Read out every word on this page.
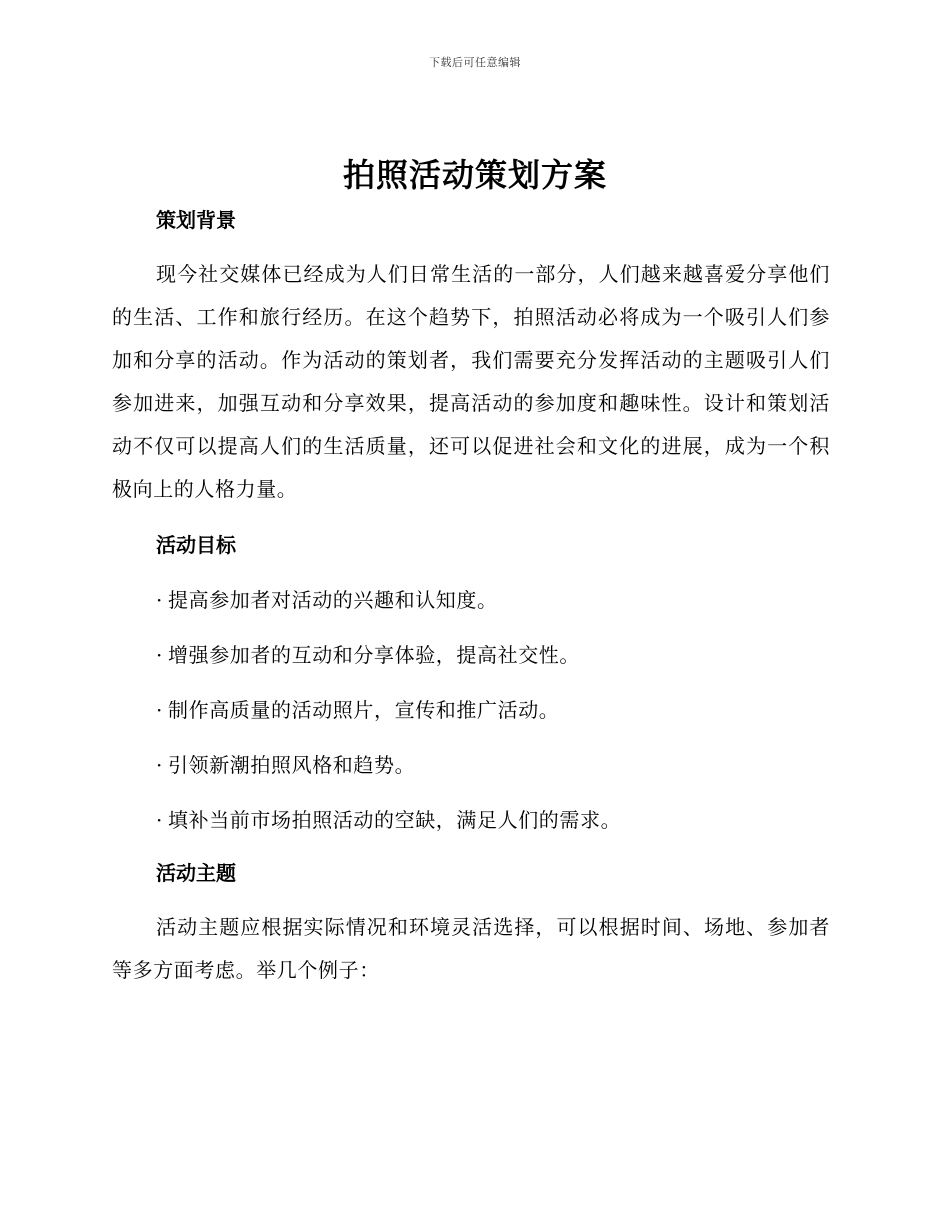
下载后可任意编辑
拍照活动策划方案
策划背景

现今社交媒体已经成为人们日常生活的一部分，人们越来越喜爱分享他们的生活、工作和旅行经历。在这个趋势下，拍照活动必将成为一个吸引人们参加和分享的活动。作为活动的策划者，我们需要充分发挥活动的主题吸引人们参加进来，加强互动和分享效果，提高活动的参加度和趣味性。设计和策划活动不仅可以提高人们的生活质量，还可以促进社会和文化的进展，成为一个积极向上的人格力量。

活动目标
· 提高参加者对活动的兴趣和认知度。
· 增强参加者的互动和分享体验，提高社交性。
· 制作高质量的活动照片，宣传和推广活动。
· 引领新潮拍照风格和趋势。
· 填补当前市场拍照活动的空缺，满足人们的需求。
活动主题

活动主题应根据实际情况和环境灵活选择，可以根据时间、场地、参加者等多方面考虑。举几个例子：
